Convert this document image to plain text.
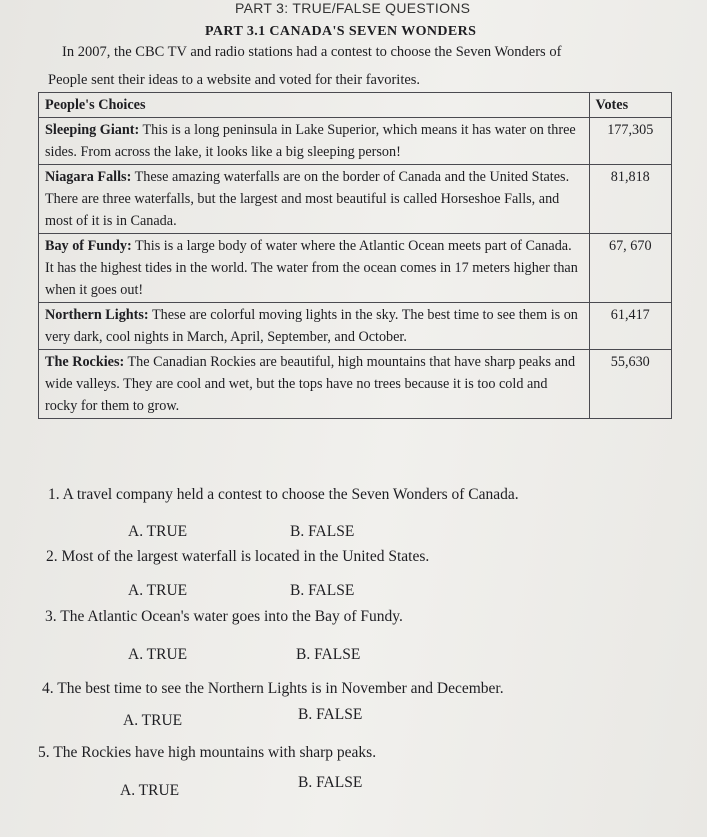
PART 3: TRUE/FALSE QUESTIONS
PART 3.1 CANADA'S SEVEN WONDERS
In 2007, the CBC TV and radio stations had a contest to choose the Seven Wonders of
People sent their ideas to a website and voted for their favorites.
People's Choices	Votes
Sleeping Giant: This is a long peninsula in Lake Superior, which means it has water on three sides. From across the lake, it looks like a big sleeping person!	177,305
Niagara Falls: These amazing waterfalls are on the border of Canada and the United States. There are three waterfalls, but the largest and most beautiful is called Horseshoe Falls, and most of it is in Canada.	81,818
Bay of Fundy: This is a large body of water where the Atlantic Ocean meets part of Canada. It has the highest tides in the world. The water from the ocean comes in 17 meters higher than when it goes out!	67, 670
Northern Lights: These are colorful moving lights in the sky. The best time to see them is on very dark, cool nights in March, April, September, and October.	61,417
The Rockies: The Canadian Rockies are beautiful, high mountains that have sharp peaks and wide valleys. They are cool and wet, but the tops have no trees because it is too cold and rocky for them to grow.	55,630
1. A travel company held a contest to choose the Seven Wonders of Canada.
A. TRUE	B. FALSE
2. Most of the largest waterfall is located in the United States.
A. TRUE	B. FALSE
3. The Atlantic Ocean's water goes into the Bay of Fundy.
A. TRUE	B. FALSE
4. The best time to see the Northern Lights is in November and December.
A. TRUE	B. FALSE
5. The Rockies have high mountains with sharp peaks.
A. TRUE	B. FALSE
